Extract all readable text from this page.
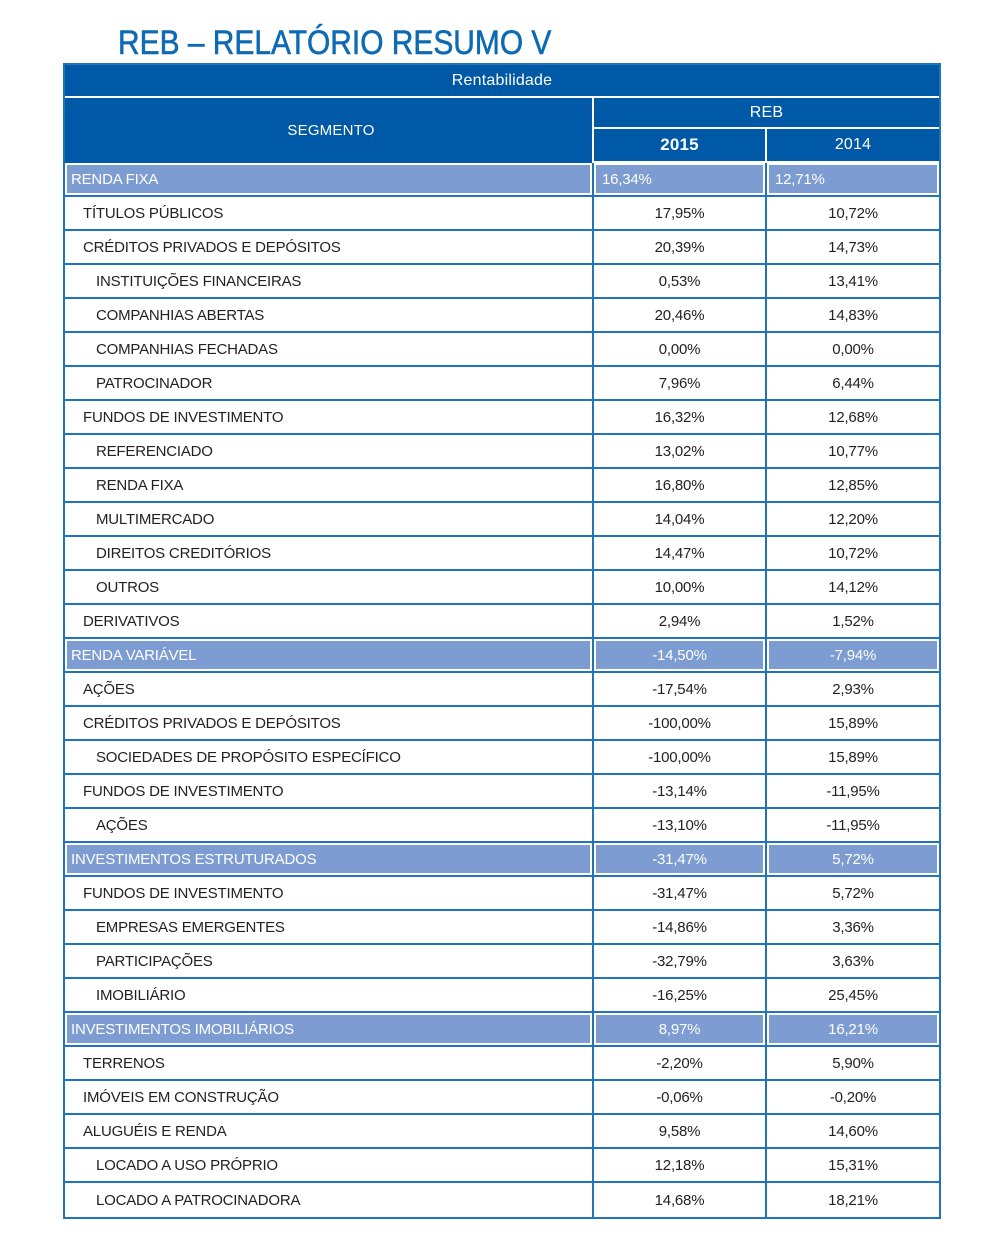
REB – RELATÓRIO RESUMO V
Rentabilidade		
SEGMENTO	REB	
	2015	2014
RENDA FIXA	16,34%	12,71%
TÍTULOS PÚBLICOS	17,95%	10,72%
CRÉDITOS PRIVADOS E DEPÓSITOS	20,39%	14,73%
INSTITUIÇÕES FINANCEIRAS	0,53%	13,41%
COMPANHIAS ABERTAS	20,46%	14,83%
COMPANHIAS FECHADAS	0,00%	0,00%
PATROCINADOR	7,96%	6,44%
FUNDOS DE INVESTIMENTO	16,32%	12,68%
REFERENCIADO	13,02%	10,77%
RENDA FIXA	16,80%	12,85%
MULTIMERCADO	14,04%	12,20%
DIREITOS CREDITÓRIOS	14,47%	10,72%
OUTROS	10,00%	14,12%
DERIVATIVOS	2,94%	1,52%
RENDA VARIÁVEL	-14,50%	-7,94%
AÇÕES	-17,54%	2,93%
CRÉDITOS PRIVADOS E DEPÓSITOS	-100,00%	15,89%
SOCIEDADES DE PROPÓSITO ESPECÍFICO	-100,00%	15,89%
FUNDOS DE INVESTIMENTO	-13,14%	-11,95%
AÇÕES	-13,10%	-11,95%
INVESTIMENTOS ESTRUTURADOS	-31,47%	5,72%
FUNDOS DE INVESTIMENTO	-31,47%	5,72%
EMPRESAS EMERGENTES	-14,86%	3,36%
PARTICIPAÇÕES	-32,79%	3,63%
IMOBILIÁRIO	-16,25%	25,45%
INVESTIMENTOS IMOBILIÁRIOS	8,97%	16,21%
TERRENOS	-2,20%	5,90%
IMÓVEIS EM CONSTRUÇÃO	-0,06%	-0,20%
ALUGUÉIS E RENDA	9,58%	14,60%
LOCADO A USO PRÓPRIO	12,18%	15,31%
LOCADO A PATROCINADORA	14,68%	18,21%
